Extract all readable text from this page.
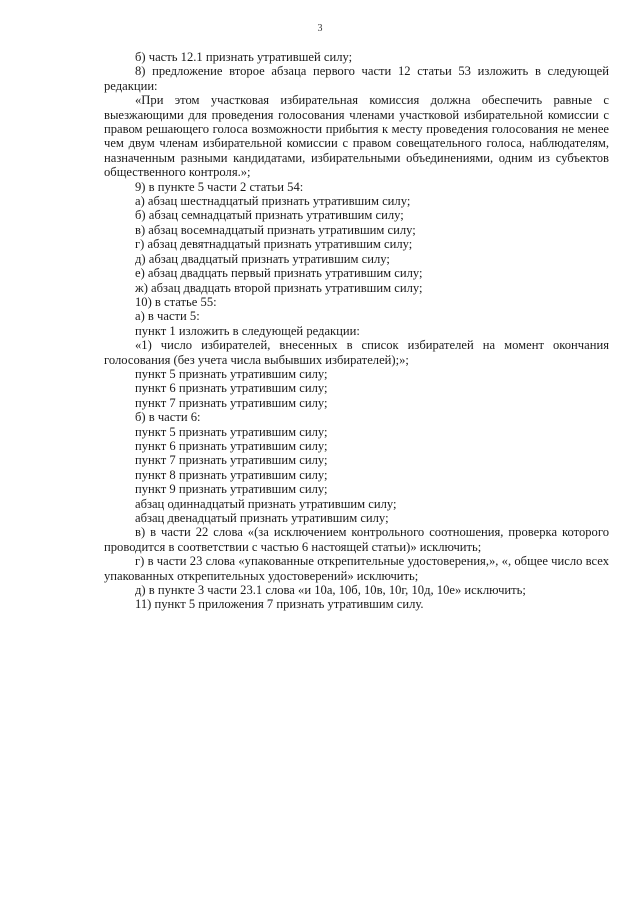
3

б) часть 12.1 признать утратившей силу;

8) предложение второе абзаца первого части 12 статьи 53 изложить в следующей редакции:

«При этом участковая избирательная комиссия должна обеспечить равные с выезжающими для проведения голосования членами участковой избирательной комиссии с правом решающего голоса возможности прибытия к месту проведения голосования не менее чем двум членам избирательной комиссии с правом совещательного голоса, наблюдателям, назначенным разными кандидатами, избирательными объединениями, одним из субъектов общественного контроля.»;

9) в пункте 5 части 2 статьи 54:

а) абзац шестнадцатый признать утратившим силу;

б) абзац семнадцатый признать утратившим силу;

в) абзац восемнадцатый признать утратившим силу;

г) абзац девятнадцатый признать утратившим силу;

д) абзац двадцатый признать утратившим силу;

е) абзац двадцать первый признать утратившим силу;

ж) абзац двадцать второй признать утратившим силу;

10) в статье 55:

а) в части 5:

пункт 1 изложить в следующей редакции:

«1) число избирателей, внесенных в список избирателей на момент окончания голосования (без учета числа выбывших избирателей);»;

пункт 5 признать утратившим силу;

пункт 6 признать утратившим силу;

пункт 7 признать утратившим силу;

б) в части 6:

пункт 5 признать утратившим силу;

пункт 6 признать утратившим силу;

пункт 7 признать утратившим силу;

пункт 8 признать утратившим силу;

пункт 9 признать утратившим силу;

абзац одиннадцатый признать утратившим силу;

абзац двенадцатый признать утратившим силу;

в) в части 22 слова «(за исключением контрольного соотношения, проверка которого проводится в соответствии с частью 6 настоящей статьи)» исключить;

г) в части 23 слова «упакованные открепительные удостоверения,», «, общее число всех упакованных открепительных удостоверений» исключить;

д) в пункте 3 части 23.1 слова «и 10а, 10б, 10в, 10г, 10д, 10е» исключить;

11) пункт 5 приложения 7 признать утратившим силу.
